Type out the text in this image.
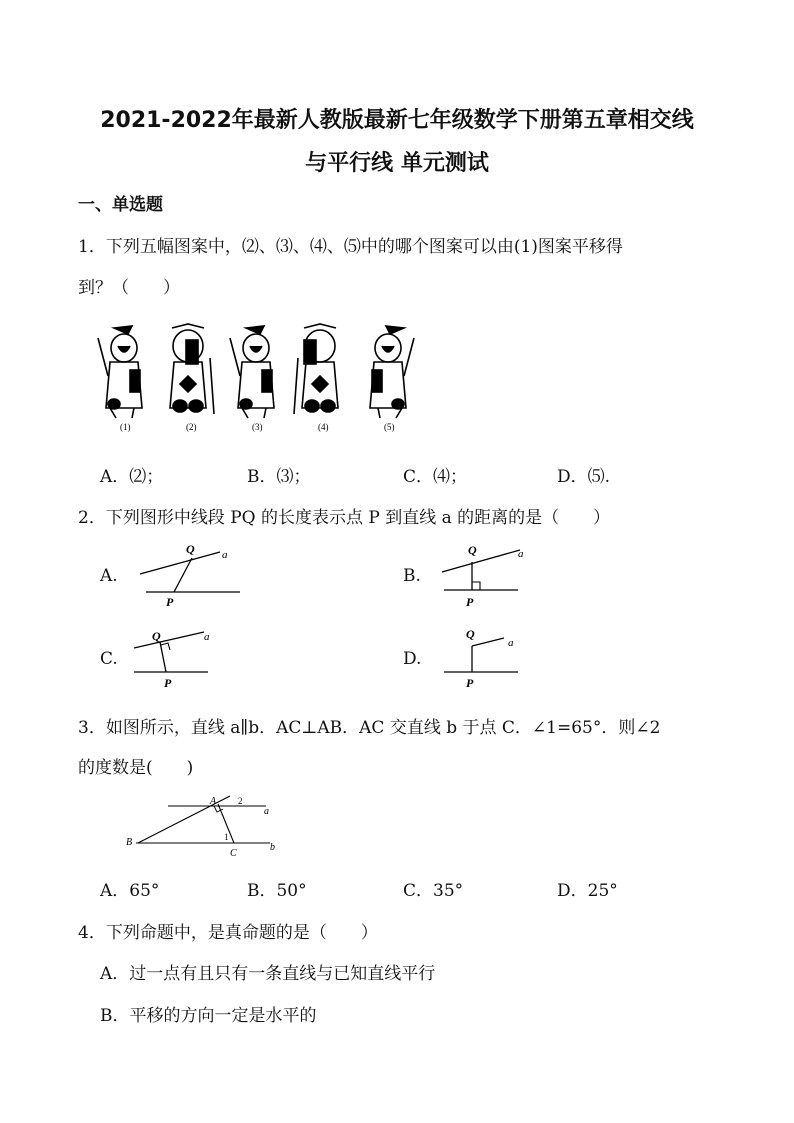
2021-2022年最新人教版最新七年级数学下册第五章相交线
与平行线 单元测试
一、单选题
1．下列五幅图案中，⑵、⑶、⑷、⑸中的哪个图案可以由(1)图案平移得
到？（　　）
(1)	(2)	(3)	(4)	(5)
A．⑵；	B．⑶；	C．⑷；	D．⑸.
2．下列图形中线段 PQ 的长度表示点 P 到直线 a 的距离的是（　　）
A.
Q a
P
B.
Q	a
P
C.
Q	a
P
D.
Q
a
P
3．如图所示，直线 a∥b．AC⊥AB．AC 交直线 b 于点 C．∠1=65°．则∠2
的度数是(　　)
A
B
C
a
b
1
2
A．65°	B．50°	C．35°	D．25°
4．下列命题中，是真命题的是（　　）
A．过一点有且只有一条直线与已知直线平行
B．平移的方向一定是水平的
